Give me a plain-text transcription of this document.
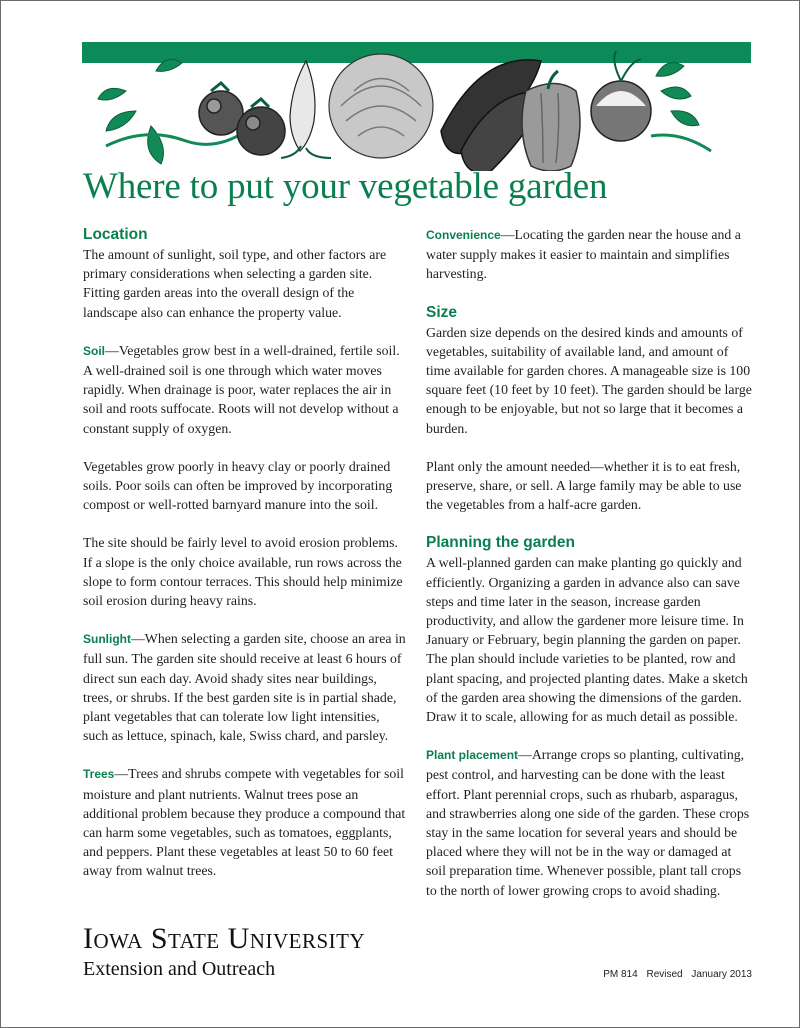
Where to put your vegetable garden
Location

The amount of sunlight, soil type, and other factors are primary considerations when selecting a garden site. Fitting garden areas into the overall design of the landscape also can enhance the property value.

Soil—Vegetables grow best in a well-drained, fertile soil. A well-drained soil is one through which water moves rapidly. When drainage is poor, water replaces the air in soil and roots suffocate. Roots will not develop without a constant supply of oxygen.

Vegetables grow poorly in heavy clay or poorly drained soils. Poor soils can often be improved by incorporating compost or well-rotted barnyard manure into the soil.

The site should be fairly level to avoid erosion problems. If a slope is the only choice available, run rows across the slope to form contour terraces. This should help minimize soil erosion during heavy rains.

Sunlight—When selecting a garden site, choose an area in full sun. The garden site should receive at least 6 hours of direct sun each day. Avoid shady sites near buildings, trees, or shrubs. If the best garden site is in partial shade, plant vegetables that can tolerate low light intensities, such as lettuce, spinach, kale, Swiss chard, and parsley.

Trees—Trees and shrubs compete with vegetables for soil moisture and plant nutrients. Walnut trees pose an additional problem because they produce a compound that can harm some vegetables, such as tomatoes, eggplants, and peppers. Plant these vegetables at least 50 to 60 feet away from walnut trees.

Convenience—Locating the garden near the house and a water supply makes it easier to maintain and simplifies harvesting.

Size

Garden size depends on the desired kinds and amounts of vegetables, suitability of available land, and amount of time available for garden chores. A manageable size is 100 square feet (10 feet by 10 feet). The garden should be large enough to be enjoyable, but not so large that it becomes a burden.

Plant only the amount needed—whether it is to eat fresh, preserve, share, or sell. A large family may be able to use the vegetables from a half-acre garden.

Planning the garden

A well-planned garden can make planting go quickly and efficiently. Organizing a garden in advance also can save steps and time later in the season, increase garden productivity, and allow the gardener more leisure time. In January or February, begin planning the garden on paper. The plan should include varieties to be planted, row and plant spacing, and projected planting dates. Make a sketch of the garden area showing the dimensions of the garden. Draw it to scale, allowing for as much detail as possible.

Plant placement—Arrange crops so planting, cultivating, pest control, and harvesting can be done with the least effort. Plant perennial crops, such as rhubarb, asparagus, and strawberries along one side of the garden. These crops stay in the same location for several years and should be placed where they will not be in the way or damaged at soil preparation time. Whenever possible, plant tall crops to the north of lower growing crops to avoid shading.

Iowa State University
Extension and Outreach	PM 814 Revised January 2013
